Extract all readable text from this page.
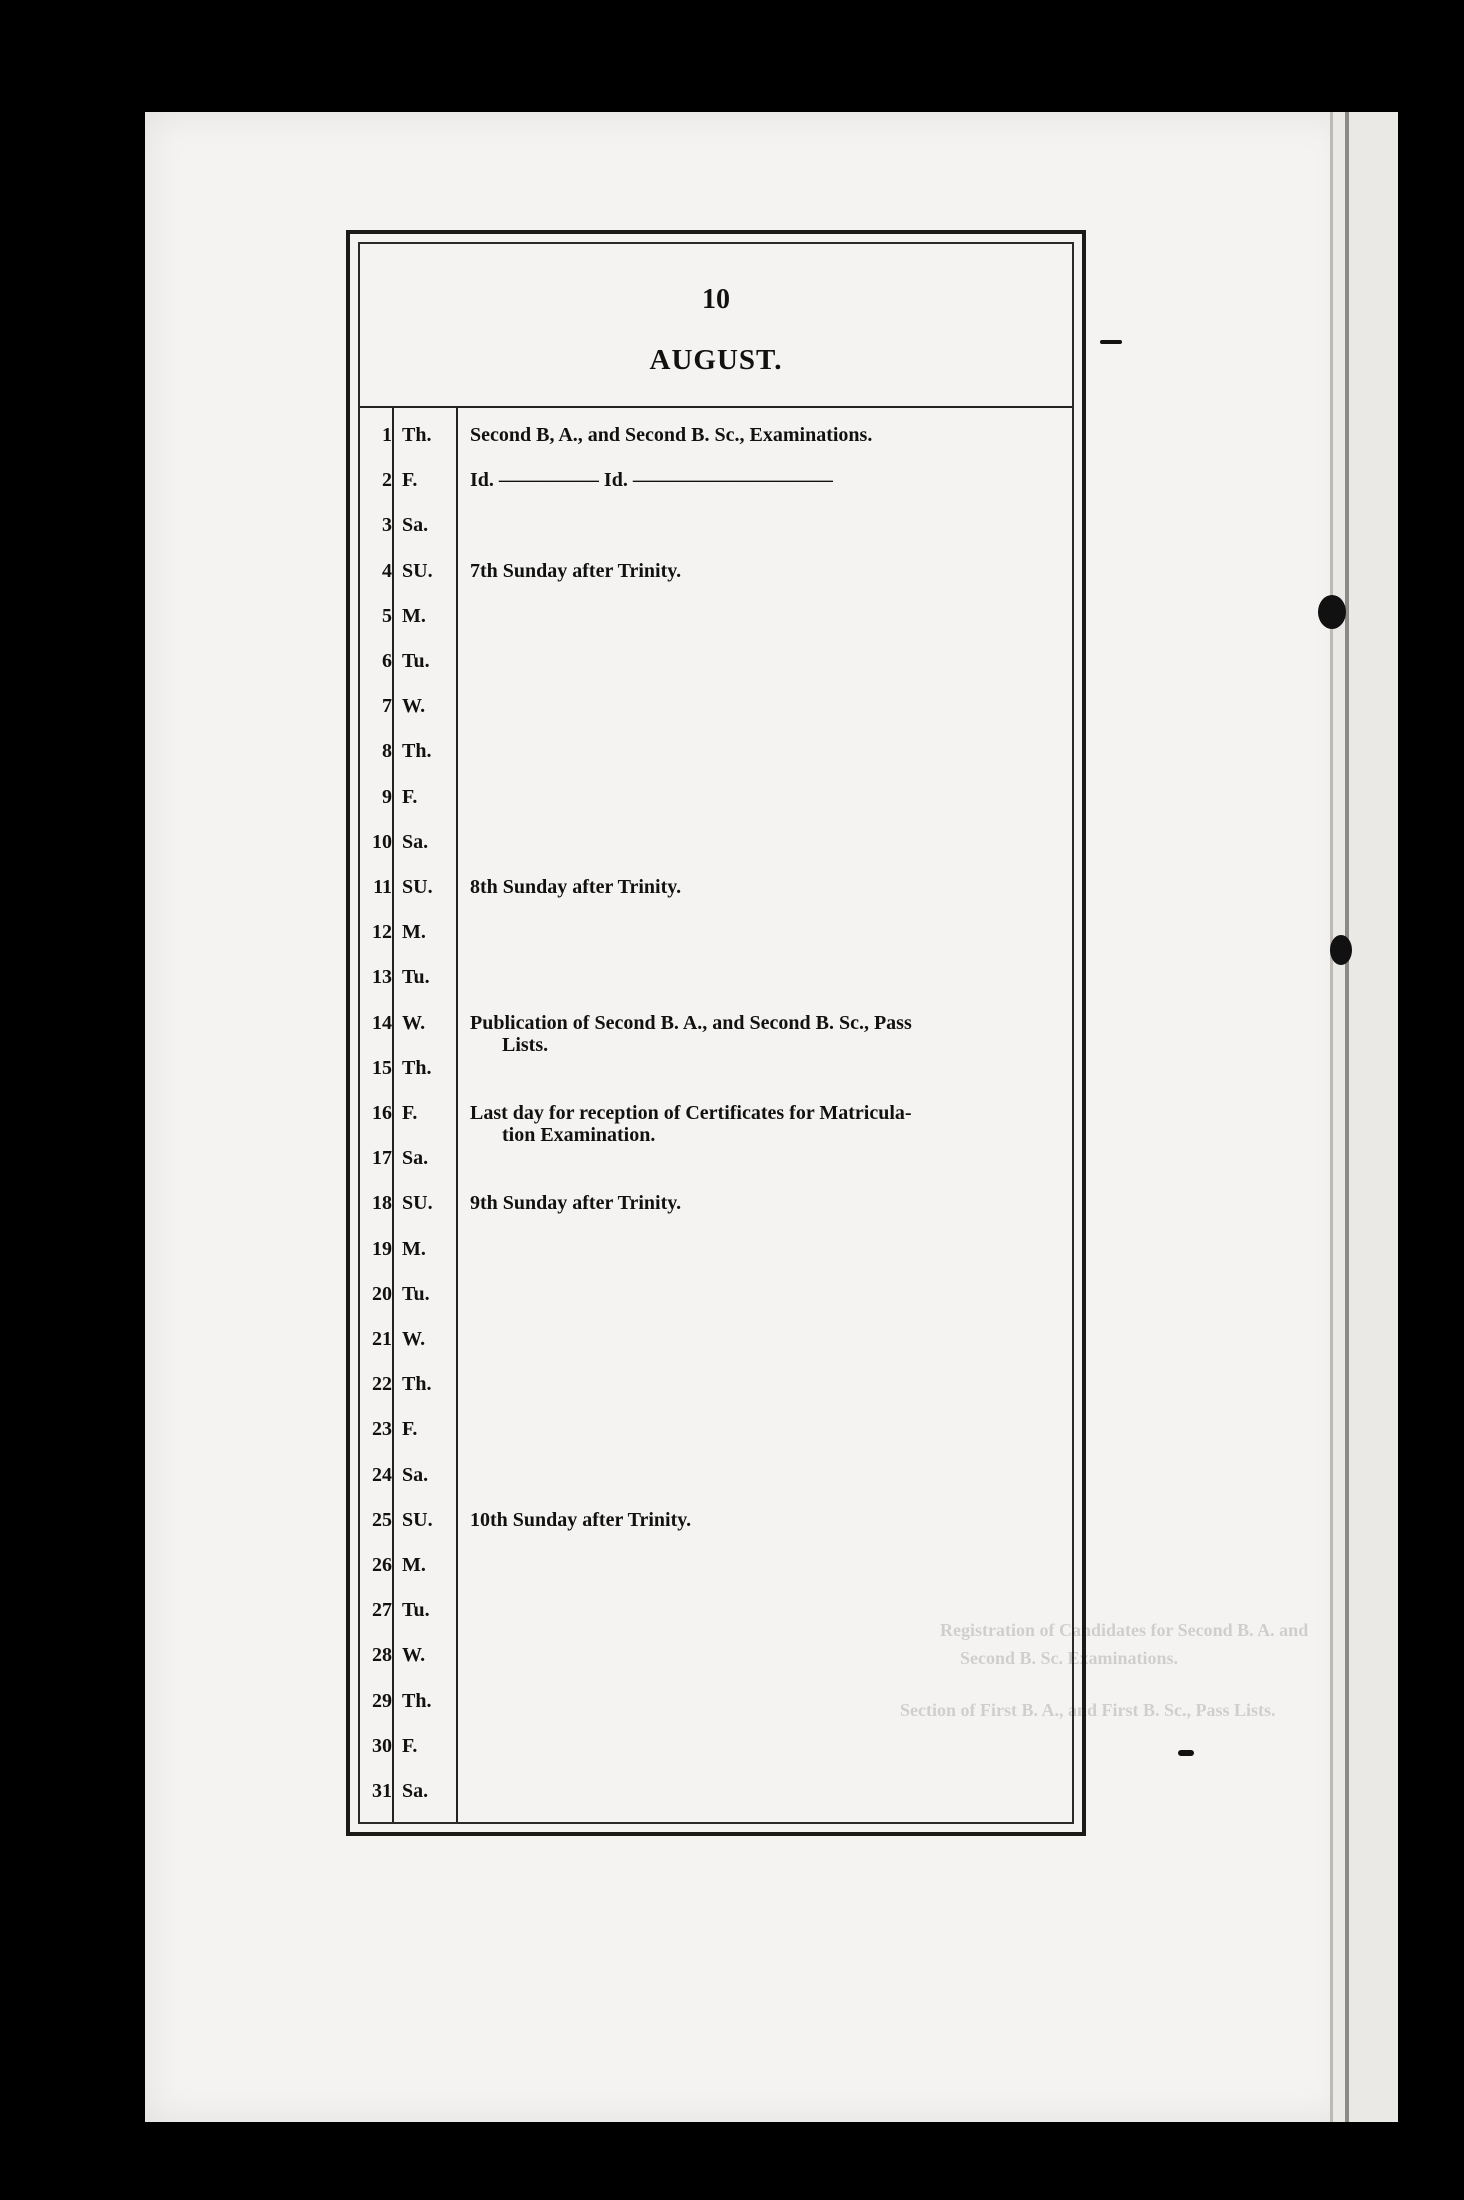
10
AUGUST.
1 Th. Second B, A., and Second B. Sc., Examinations.
2 F.	Id. ————— Id. ——————————
3 Sa.
4 SU. 7th Sunday after Trinity.
5 M.
6 Tu.
7 W.
8 Th.
9 F.
10 Sa.
11 SU. 8th Sunday after Trinity.
12 M.
13 Tu.
14 W. Publication of Second B. A., and Second B. Sc., Pass
Lists.
15 Th.
16 F.	Last day for reception of Certificates for Matricula-
tion Examination.
17 Sa.
18 SU. 9th Sunday after Trinity.
19 M.
20 Tu.
21 W.
22 Th.
23 F.
24 Sa.
25 SU. 10th Sunday after Trinity.
26 M.
27 Tu.
28 W.
29 Th.
30 F.
31 Sa.
Registration of Candidates for Second B. A. and
Second B. Sc. Examinations.
Section of First B. A., and First B. Sc., Pass Lists.
